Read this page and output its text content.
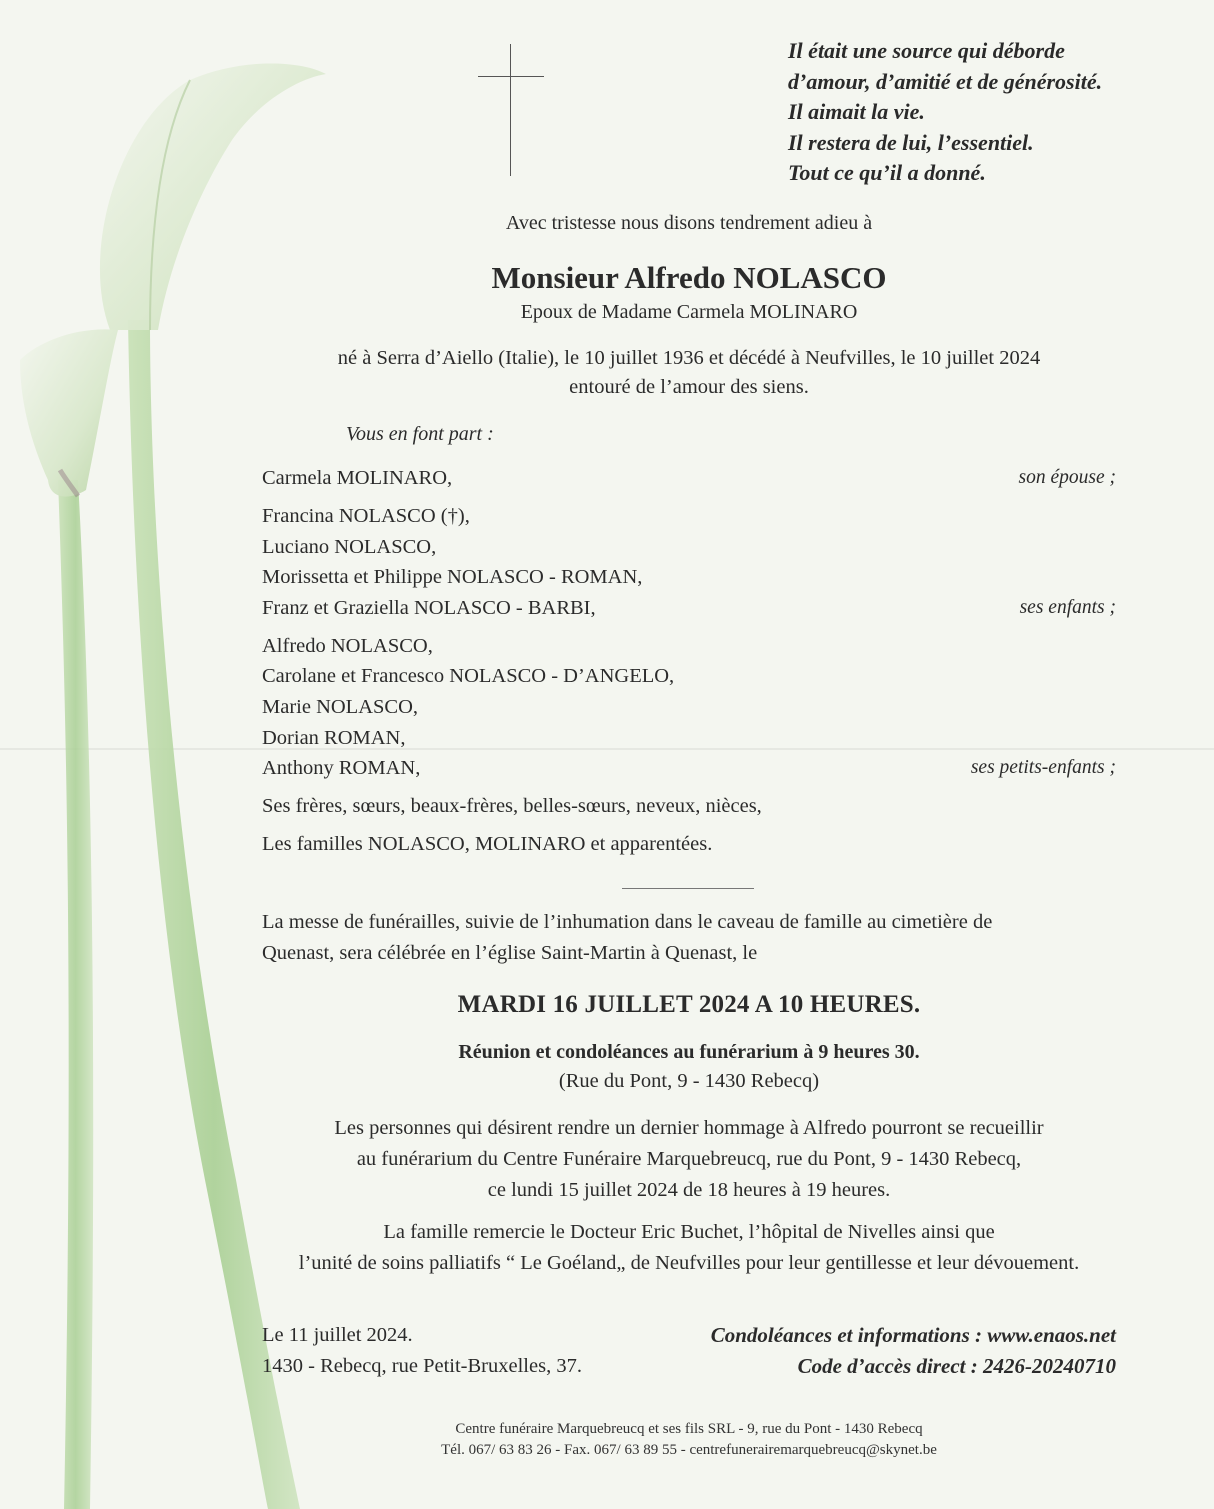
Il était une source qui déborde
d’amour, d’amitié et de générosité.
Il aimait la vie.
Il restera de lui, l’essentiel.
Tout ce qu’il a donné.
Avec tristesse nous disons tendrement adieu à
Monsieur Alfredo NOLASCO
Epoux de Madame Carmela MOLINARO
né à Serra d’Aiello (Italie), le 10 juillet 1936 et décédé à Neufvilles, le 10 juillet 2024
entouré de l’amour des siens.
Vous en font part :
Carmela MOLINARO,	son épouse ;
Francina NOLASCO (†),
Luciano NOLASCO,
Morissetta et Philippe NOLASCO - ROMAN,
Franz et Graziella NOLASCO - BARBI,	ses enfants ;
Alfredo NOLASCO,
Carolane et Francesco NOLASCO - D’ANGELO,
Marie NOLASCO,
Dorian ROMAN,
Anthony ROMAN,	ses petits-enfants ;
Ses frères, sœurs, beaux-frères, belles-sœurs, neveux, nièces,
Les familles NOLASCO, MOLINARO et apparentées.
La messe de funérailles, suivie de l’inhumation dans le caveau de famille au cimetière de
Quenast, sera célébrée en l’église Saint-Martin à Quenast, le
MARDI 16 JUILLET 2024 A 10 HEURES.
Réunion et condoléances au funérarium à 9 heures 30.
(Rue du Pont, 9 - 1430 Rebecq)
Les personnes qui désirent rendre un dernier hommage à Alfredo pourront se recueillir
au funérarium du Centre Funéraire Marquebreucq, rue du Pont, 9 - 1430 Rebecq,
ce lundi 15 juillet 2024 de 18 heures à 19 heures.
La famille remercie le Docteur Eric Buchet, l’hôpital de Nivelles ainsi que
l’unité de soins palliatifs “ Le Goéland„ de Neufvilles pour leur gentillesse et leur dévouement.
Le 11 juillet 2024.
1430 - Rebecq, rue Petit-Bruxelles, 37.
Condoléances et informations : www.enaos.net
Code d’accès direct : 2426-20240710
Centre funéraire Marquebreucq et ses fils SRL - 9, rue du Pont - 1430 Rebecq
Tél. 067/ 63 83 26 - Fax. 067/ 63 89 55 - centrefunerairemarquebreucq@skynet.be
